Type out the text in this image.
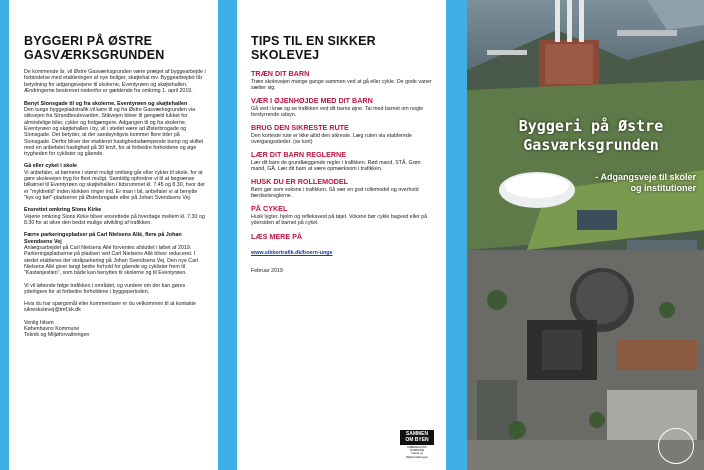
BYGGERI PÅ ØSTRE GASVÆRKSGRUNDEN

De kommende år, vil Østre Gasværksgrunden være præget af byggearbejde i forbindelse med etableringen af nye boliger, skøjtehal mv. Byggearbejdet får betydning for adgangsvejene til skolerne, Eventyrøen og skøjtehallen. Ændringerne beskrevet nedenfor er gældende fra omkring 1. april 2019.

Benyt Sionsgade til og fra skolerne, Eventyrøen og skøjtehallen
Den tunge byggepladstrafik vil køre til og fra Østre Gasværksgrunden via stikvejen fra Strandboulevarden. Stikvejen bliver til gengæld lukket for almindelige biler, cykler og fodgængere. Adgangen til og fra skolerne, Eventyrøen og skøjtehallen i by, vil i stedet være ad Østerbrogade og Sionsgade. Det betyder, at der sandsynligvis kommer flere biler på Sionsgade. Derfor bliver der etableret hastighedsdæmpende bump og skiltet med en anbefalet hastighed på 30 km/t, for at forbedre forholdene og øge trygheden for cyklister og gående.
Gå eller cykel i skole
Vi anbefaler, at børnene i størst muligt omfang går eller cykler til skole, for at gøre skolevejen tryg for flest muligt. Samtidig opfordrer vi til at begrænse bilkørsel til Eventyrøen og skøjtehallen i tidsrummet kl. 7.45 og 8.30, hvor der er "myldretid" inden klokken ringer ind. Er man i bil, anbefaler vi at benytte "kys og kør"-pladserne på Østerbrogade eller på Johan Svendsens Vej.
Ensrettet omkring Sions Kirke
Vejene omkring Sions Kirke bliver ensrettede på hverdage mellem kl. 7.30 og 8.30 for at sikre den bedst mulige afvikling af trafikken.
Færre parkeringspladser på Carl Nielsens Allé, flere på Johan Svendsens Vej
Anlægsarbejdet på Carl Nielsens Allé forventes afsluttet i løbet af 2019. Parkeringspladserne på pladsen ved Carl Nielsens Allé bliver reduceret. I stedet etableres der skråparkering på Johan Svendsens Vej. Den nye Carl Nielsens Allé giver langt bedre forhold for gående og cyklister frem til "Kastanjestien", som både kan benyttes til skolerne og til Eventyrøen.
Vi vil løbende følge trafikken i området, og vurdere om der kan gøres yderligere for at forbedre forholdene i byggeperioden.
Hvis du har spørgsmål eller kommentarer er du velkommen til at kontakte sikreskolevej@tmf.kk.dk
Venlig hilsen
Københavns Kommune
Teknik og Miljøforvaltningen
TIPS TIL EN SIKKER SKOLEVEJ
TRÆN DIT BARN
Træn skolevejen mange gange sammen ved at gå eller cykle. De gode vaner sætter sig.
VÆR I ØJENHØJDE MED DIT BARN
Gå ved i knæ og se trafikken ved dit barns øjne. Tal med barnet om nogle forstyrrende udsyn.
BRUG DEN SIKRESTE RUTE
Den korteste rute er ikke altid den sikreste. Læg ruten via etablerede overgangssteder. (se kort)
LÆR DIT BARN REGLERNE
Lær dit barn de grundlæggende regler i trafikken. Rød mand, STÅ. Grøn mand, GÅ. Lær dit barn at være opmærksom i trafikken.
HUSK DU ER ROLLEMODEL
Børn gør som voksne i trafikken. Så vær en god rollemodel og overhold færdselsreglerne.
PÅ CYKEL
Husk lygter, hjelm og refleksvest på tøjet. Voksne bør cykle bagved eller på ydersiden af barnet på cykel.
LÆS MERE PÅ
www.sikkertrafik.dk/boern-unge
Februar 2019
SAMMEN
OM BYEN
KØBENHAVNS KOMMUNE
Teknik og Miljøforvaltningen
Byggeri på Østre
Gasværksgrunden
- Adgangsveje til skoler
og institutioner
